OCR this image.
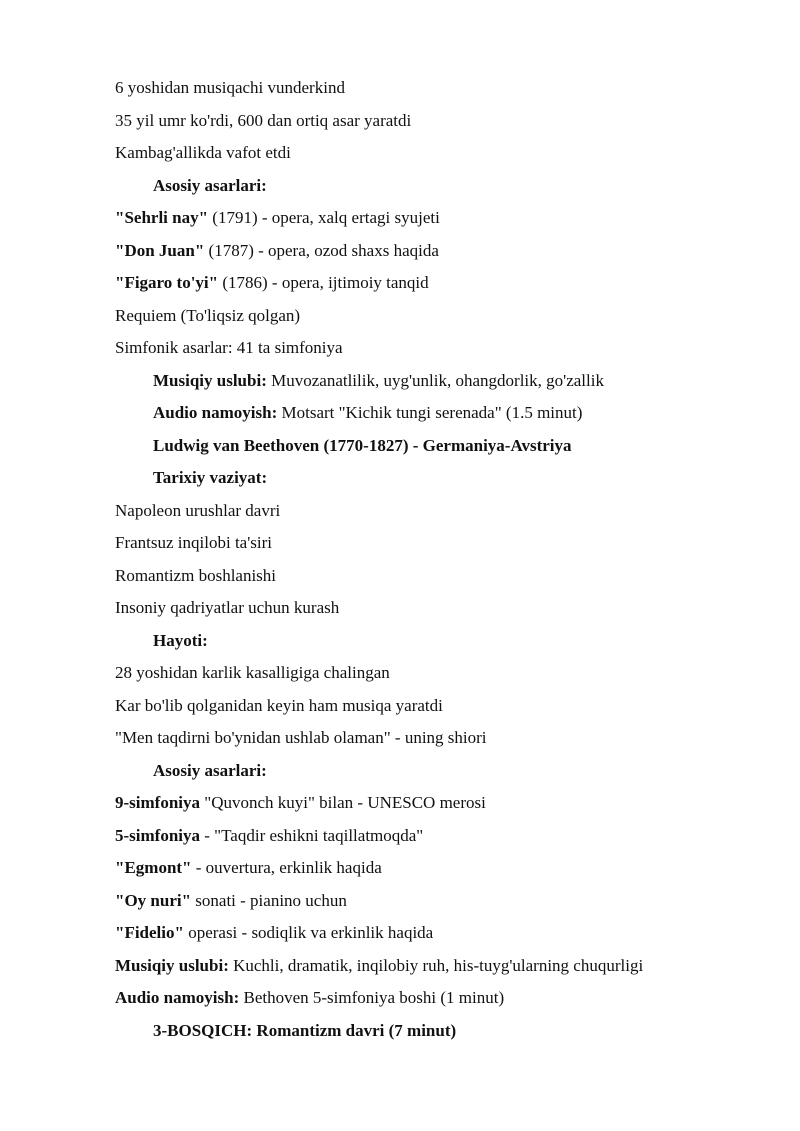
6 yoshidan musiqachi vunderkind
35 yil umr ko'rdi, 600 dan ortiq asar yaratdi
Kambag'allikda vafot etdi
Asosiy asarlari:
"Sehrli nay" (1791) - opera, xalq ertagi syujeti
"Don Juan" (1787) - opera, ozod shaxs haqida
"Figaro to'yi" (1786) - opera, ijtimoiy tanqid
Requiem (To'liqsiz qolgan)
Simfonik asarlar: 41 ta simfoniya
Musiqiy uslubi: Muvozanatlilik, uyg'unlik, ohangdorlik, go'zallik
Audio namoyish: Motsart "Kichik tungi serenada" (1.5 minut)
Ludwig van Beethoven (1770-1827) - Germaniya-Avstriya
Tarixiy vaziyat:
Napoleon urushlar davri
Frantsuz inqilobi ta'siri
Romantizm boshlanishi
Insoniy qadriyatlar uchun kurash
Hayoti:
28 yoshidan karlik kasalligiga chalingan
Kar bo'lib qolganidan keyin ham musiqa yaratdi
"Men taqdirni bo'ynidan ushlab olaman" - uning shiori
Asosiy asarlari:
9-simfoniya "Quvonch kuyi" bilan - UNESCO merosi
5-simfoniya - "Taqdir eshikni taqillatmoqda"
"Egmont" - ouvertura, erkinlik haqida
"Oy nuri" sonati - pianino uchun
"Fidelio" operasi - sodiqlik va erkinlik haqida
Musiqiy uslubi: Kuchli, dramatik, inqilobiy ruh, his-tuyg'ularning chuqurligi
Audio namoyish: Bethoven 5-simfoniya boshi (1 minut)
3-BOSQICH: Romantizm davri (7 minut)
